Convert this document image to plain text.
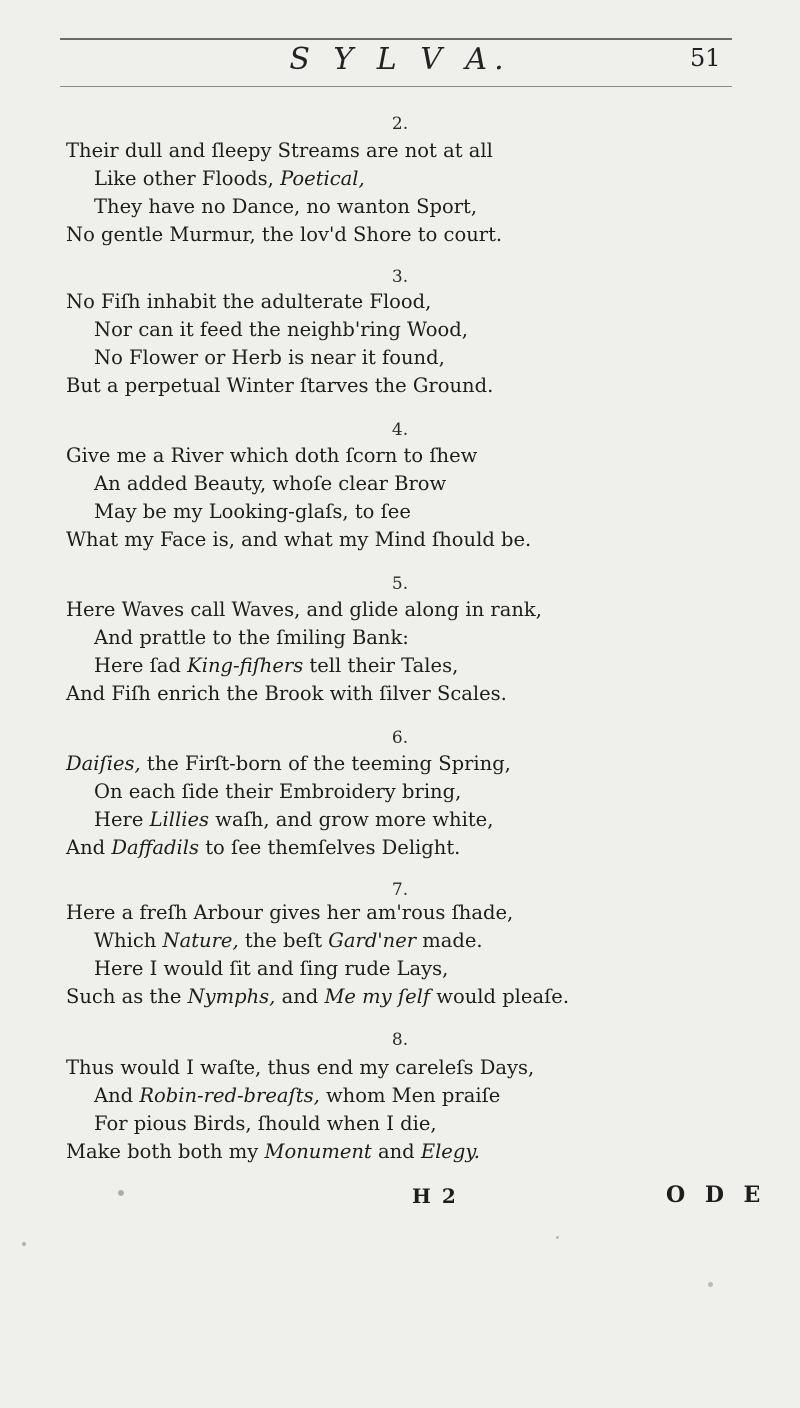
S Y L V A.	51
2.
Their dull and ſleepy Streams are not at all
Like other Floods, Poetical,
They have no Dance, no wanton Sport,
No gentle Murmur, the lov'd Shore to court.
3.
No Fiſh inhabit the adulterate Flood,
Nor can it feed the neighb'ring Wood,
No Flower or Herb is near it found,
But a perpetual Winter ſtarves the Ground.
4.
Give me a River which doth ſcorn to ſhew
An added Beauty, whoſe clear Brow
May be my Looking-glaſs, to ſee
What my Face is, and what my Mind ſhould be.
5.
Here Waves call Waves, and glide along in rank,
And prattle to the ſmiling Bank:
Here ſad King-fiſhers tell their Tales,
And Fiſh enrich the Brook with ſilver Scales.
6.
Daiſies, the Firſt-born of the teeming Spring,
On each ſide their Embroidery bring,
Here Lillies waſh, and grow more white,
And Daffadils to ſee themſelves Delight.
7.
Here a freſh Arbour gives her am'rous ſhade,
Which Nature, the beſt Gard'ner made.
Here I would ſit and ſing rude Lays,
Such as the Nymphs, and Me my ſelf would pleaſe.
8.
Thus would I waſte, thus end my careleſs Days,
And Robin-red-breaſts, whom Men praiſe
For pious Birds, ſhould when I die,
Make both both my Monument and Elegy.
H 2	O D E
